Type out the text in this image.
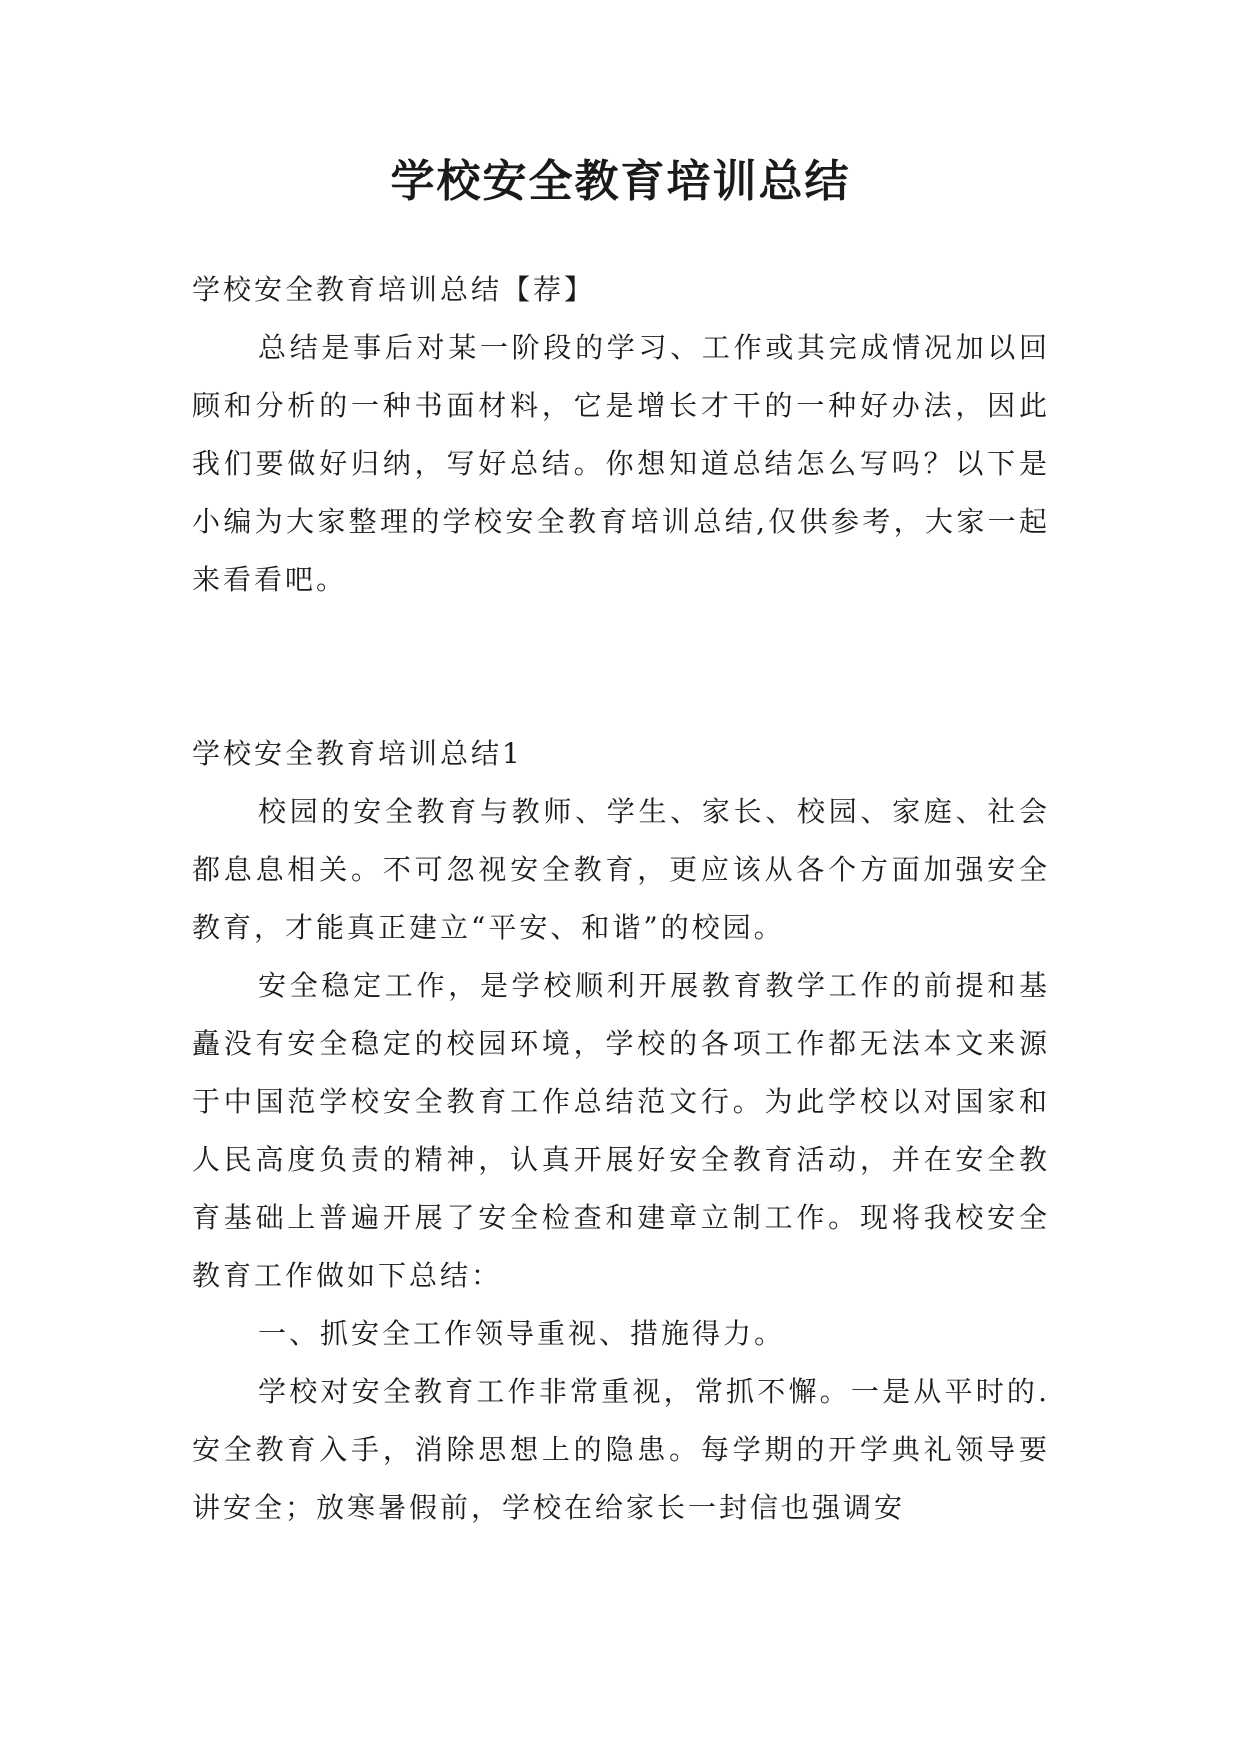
学校安全教育培训总结

学校安全教育培训总结【荐】

总结是事后对某一阶段的学习、工作或其完成情况加以回顾和分析的一种书面材料，它是增长才干的一种好办法，因此我们要做好归纳，写好总结。你想知道总结怎么写吗？以下是小编为大家整理的学校安全教育培训总结,仅供参考，大家一起来看看吧。

学校安全教育培训总结1

校园的安全教育与教师、学生、家长、校园、家庭、社会都息息相关。不可忽视安全教育，更应该从各个方面加强安全教育，才能真正建立“平安、和谐”的校园。

安全稳定工作，是学校顺利开展教育教学工作的前提和基矗没有安全稳定的校园环境，学校的各项工作都无法本文来源于中国范学校安全教育工作总结范文行。为此学校以对国家和人民高度负责的精神，认真开展好安全教育活动，并在安全教育基础上普遍开展了安全检查和建章立制工作。现将我校安全教育工作做如下总结：

一、抓安全工作领导重视、措施得力。

学校对安全教育工作非常重视，常抓不懈。一是从平时的.安全教育入手，消除思想上的隐患。每学期的开学典礼领导要讲安全；放寒暑假前，学校在给家长一封信也强调安
